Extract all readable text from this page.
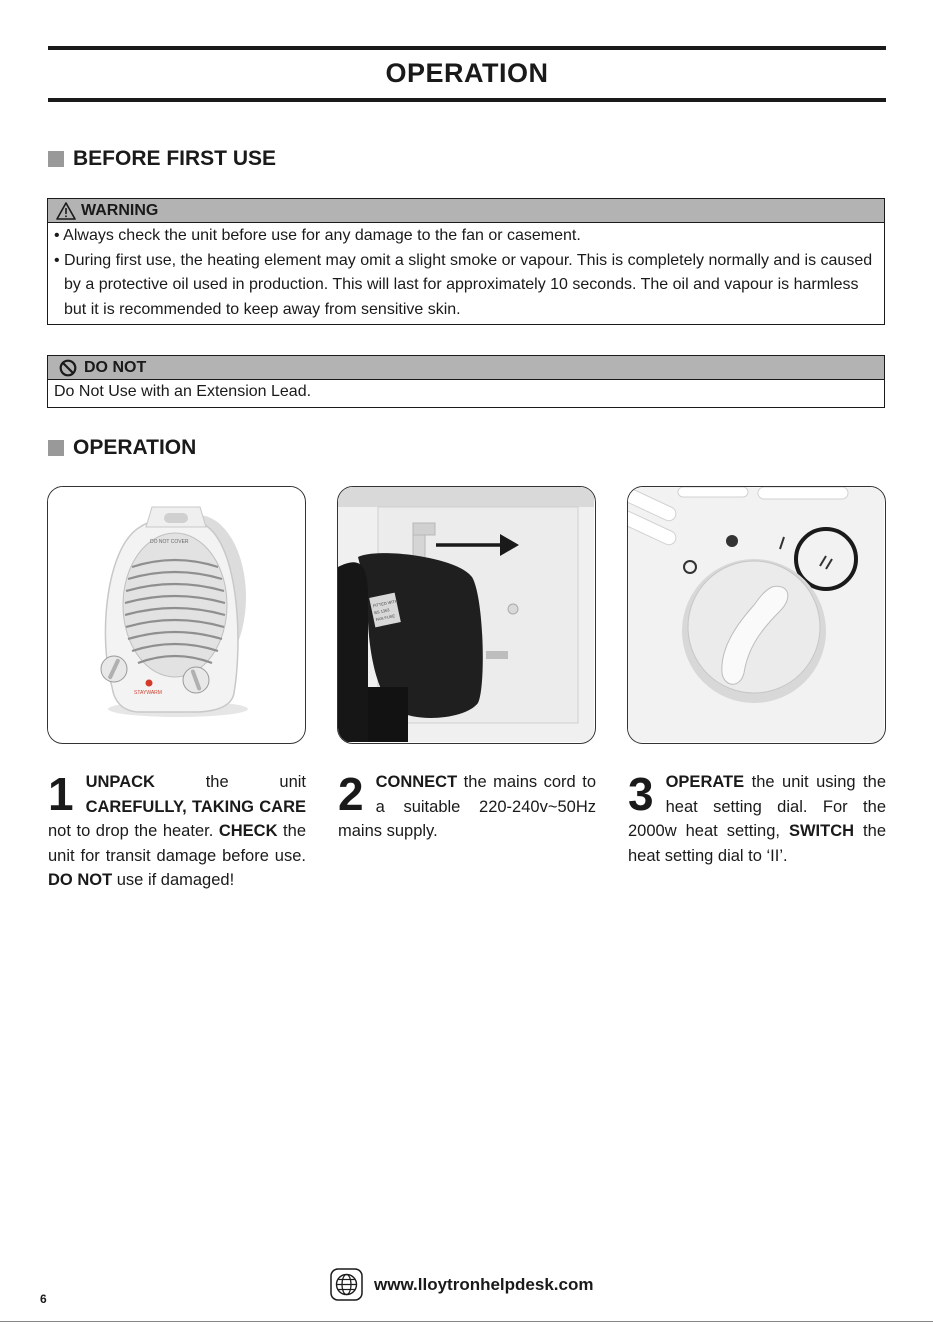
OPERATION
BEFORE FIRST USE
WARNING
• Always check the unit before use for any damage to the fan or casement.
• During first use, the heating element may omit a slight smoke or vapour. This is completely normally and is caused by a protective oil used in production. This will last for approximately 10 seconds. The oil and vapour is harmless but it is recommended to keep away from sensitive skin.
DO NOT
Do Not Use with an Extension Lead.
OPERATION
DO NOT COVER
STAYWARM
FITTED WITH
BS 1363
FAN FUSE
1 UNPACK the unit CAREFULLY, TAKING CARE not to drop the heater. CHECK the unit for transit damage before use. DO NOT use if damaged!
2 CONNECT the mains cord to a suitable 220-240v~50Hz mains supply.
3 OPERATE the unit using the heat setting dial. For the 2000w heat setting, SWITCH the heat setting dial to ‘II’.
www.lloytronhelpdesk.com
6
